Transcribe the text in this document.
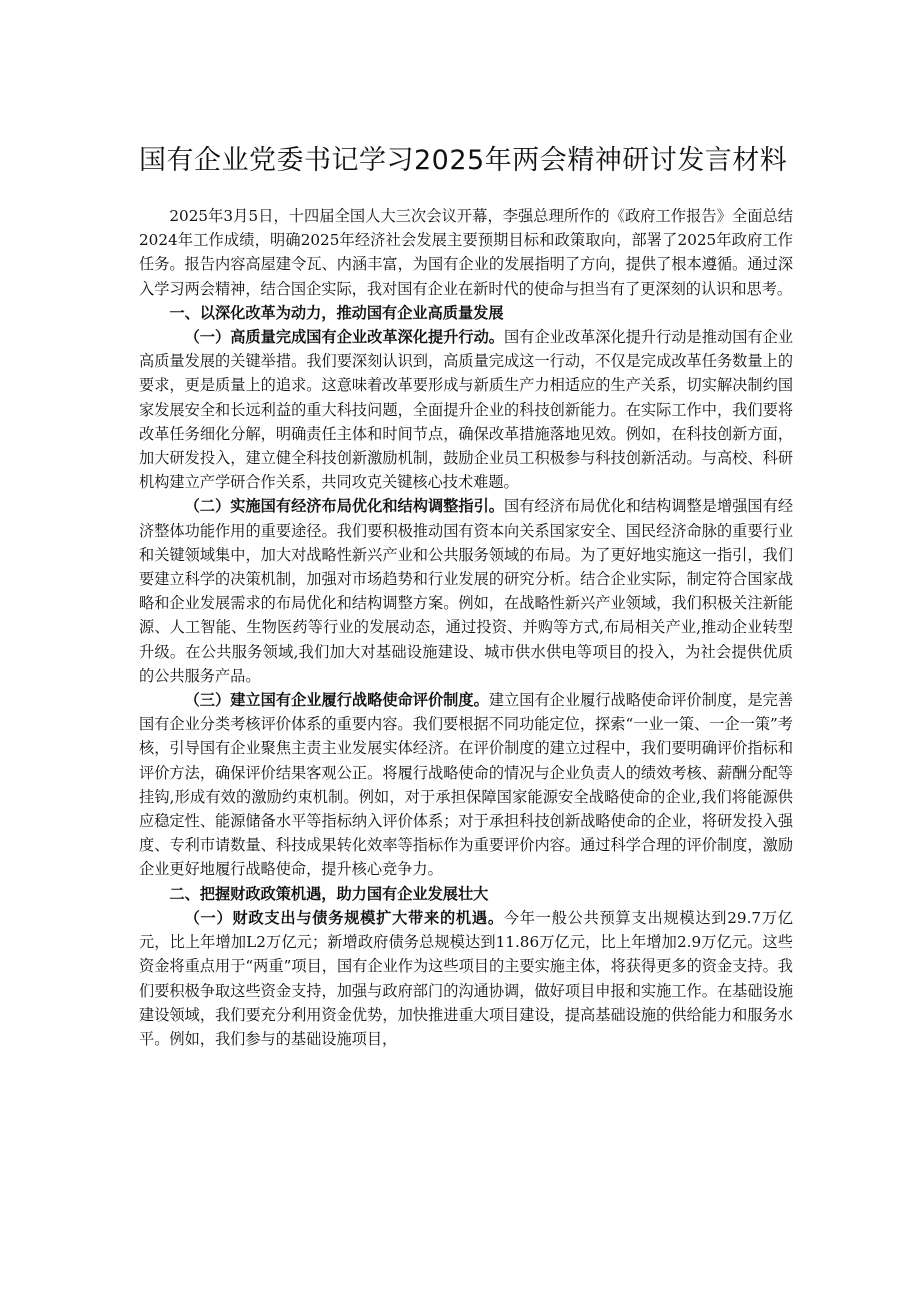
国有企业党委书记学习2025年两会精神研讨发言材料

2025年3月5日，十四届全国人大三次会议开幕，李强总理所作的《政府工作报告》全面总结2024年工作成绩，明确2025年经济社会发展主要预期目标和政策取向，部署了2025年政府工作任务。报告内容高屋建令瓦、内涵丰富，为国有企业的发展指明了方向，提供了根本遵循。通过深入学习两会精神，结合国企实际，我对国有企业在新时代的使命与担当有了更深刻的认识和思考。

一、以深化改革为动力，推动国有企业高质量发展

（一）高质量完成国有企业改革深化提升行动。国有企业改革深化提升行动是推动国有企业高质量发展的关键举措。我们要深刻认识到，高质量完成这一行动，不仅是完成改革任务数量上的要求，更是质量上的追求。这意味着改革要形成与新质生产力相适应的生产关系，切实解决制约国家发展安全和长远利益的重大科技问题，全面提升企业的科技创新能力。在实际工作中，我们要将改革任务细化分解，明确责任主体和时间节点，确保改革措施落地见效。例如，在科技创新方面，加大研发投入，建立健全科技创新激励机制，鼓励企业员工积极参与科技创新活动。与高校、科研机构建立产学研合作关系，共同攻克关键核心技术难题。

（二）实施国有经济布局优化和结构调整指引。国有经济布局优化和结构调整是增强国有经济整体功能作用的重要途径。我们要积极推动国有资本向关系国家安全、国民经济命脉的重要行业和关键领域集中，加大对战略性新兴产业和公共服务领域的布局。为了更好地实施这一指引，我们要建立科学的决策机制，加强对市场趋势和行业发展的研究分析。结合企业实际，制定符合国家战略和企业发展需求的布局优化和结构调整方案。例如，在战略性新兴产业领域，我们积极关注新能源、人工智能、生物医药等行业的发展动态，通过投资、并购等方式,布局相关产业,推动企业转型升级。在公共服务领域,我们加大对基础设施建设、城市供水供电等项目的投入，为社会提供优质的公共服务产品。

（三）建立国有企业履行战略使命评价制度。建立国有企业履行战略使命评价制度，是完善国有企业分类考核评价体系的重要内容。我们要根据不同功能定位，探索“一业一策、一企一策”考核，引导国有企业聚焦主责主业发展实体经济。在评价制度的建立过程中，我们要明确评价指标和评价方法，确保评价结果客观公正。将履行战略使命的情况与企业负责人的绩效考核、薪酬分配等挂钩,形成有效的激励约束机制。例如，对于承担保障国家能源安全战略使命的企业,我们将能源供应稳定性、能源储备水平等指标纳入评价体系；对于承担科技创新战略使命的企业，将研发投入强度、专利巿请数量、科技成果转化效率等指标作为重要评价内容。通过科学合理的评价制度，激励企业更好地履行战略使命，提升核心竞争力。

二、把握财政政策机遇，助力国有企业发展壮大

（一）财政支出与债务规模扩大带来的机遇。今年一般公共预算支出规模达到29.7万亿元，比上年增加L2万亿元；新增政府债务总规模达到11.86万亿元，比上年增加2.9万亿元。这些资金将重点用于“两重”项目，国有企业作为这些项目的主要实施主体，将获得更多的资金支持。我们要积极争取这些资金支持，加强与政府部门的沟通协调，做好项目申报和实施工作。在基础设施建设领域，我们要充分利用资金优势，加快推进重大项目建设，提高基础设施的供给能力和服务水平。例如，我们参与的基础设施项目，
